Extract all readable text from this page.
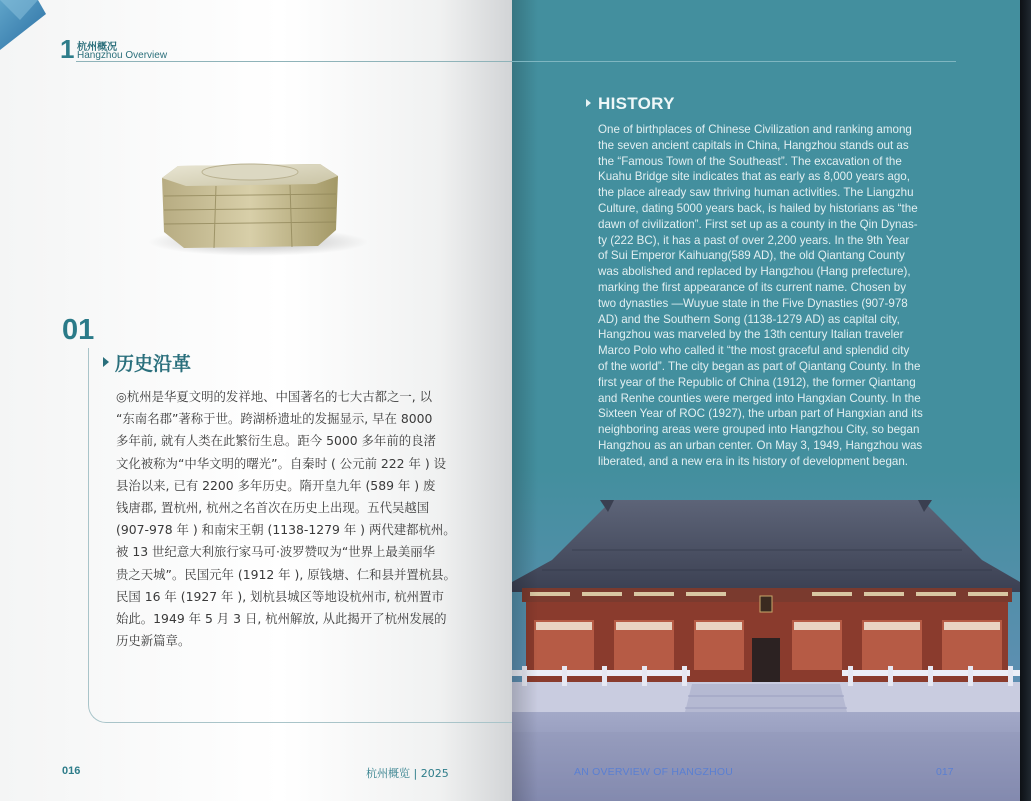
1 杭州概况
Hangzhou Overview
01
历史沿革

◎杭州是华夏文明的发祥地、中国著名的七大古都之一, 以

“东南名郡”著称于世。跨湖桥遗址的发掘显示, 早在 8000

多年前, 就有人类在此繁衍生息。距今 5000 多年前的良渚

文化被称为“中华文明的曙光”。自秦时 ( 公元前 222 年 ) 设

县治以来, 已有 2200 多年历史。隋开皇九年 (589 年 ) 废

钱唐郡, 置杭州, 杭州之名首次在历史上出现。五代吴越国

(907-978 年 ) 和南宋王朝 (1138-1279 年 ) 两代建都杭州。

被 13 世纪意大利旅行家马可·波罗赞叹为“世界上最美丽华

贵之天城”。民国元年 (1912 年 ), 原钱塘、仁和县并置杭县。

民国 16 年 (1927 年 ), 划杭县城区等地设杭州市, 杭州置市

始此。1949 年 5 月 3 日, 杭州解放, 从此揭开了杭州发展的

历史新篇章。

016	杭州概览 | 2025
HISTORY

One of birthplaces of Chinese Civilization and ranking among

the seven ancient capitals in China, Hangzhou stands out as

the “Famous Town of the Southeast”. The excavation of the

Kuahu Bridge site indicates that as early as 8,000 years ago,

the place already saw thriving human activities. The Liangzhu

Culture, dating 5000 years back, is hailed by historians as “the

dawn of civilization”. First set up as a county in the Qin Dynas-

ty (222 BC), it has a past of over 2,200 years. In the 9th Year

of Sui Emperor Kaihuang(589 AD), the old Qiantang County

was abolished and replaced by Hangzhou (Hang prefecture),

marking the first appearance of its current name. Chosen by

two dynasties —Wuyue state in the Five Dynasties (907-978

AD) and the Southern Song (1138-1279 AD) as capital city,

Hangzhou was marveled by the 13th century Italian traveler

Marco Polo who called it “the most graceful and splendid city

of the world”. The city began as part of Qiantang County. In the

first year of the Republic of China (1912), the former Qiantang

and Renhe counties were merged into Hangxian County. In the

Sixteen Year of ROC (1927), the urban part of Hangxian and its

neighboring areas were grouped into Hangzhou City, so began

Hangzhou as an urban center. On May 3, 1949, Hangzhou was

liberated, and a new era in its history of development began.

AN OVERVIEW OF HANGZHOU	017
